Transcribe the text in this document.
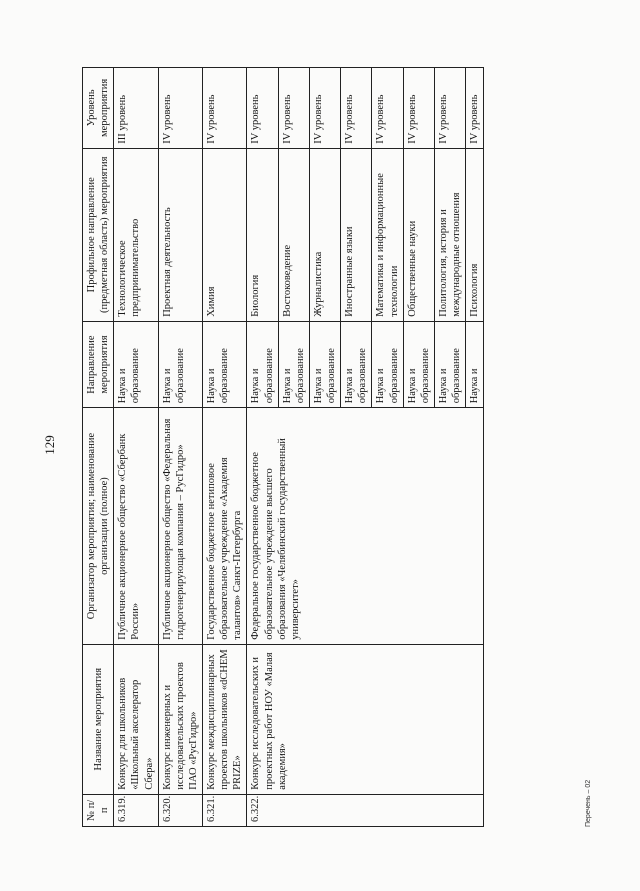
129
№ п/п	Название мероприятия	Организатор мероприятия; наименование организации (полное)	Направление мероприятия	Профильное направление (предметная область) мероприятия	Уровень мероприятия
6.319.	Конкурс для школьников «Школьный акселератор Сбера»	Публичное акционерное общество «Сбербанк России»	Наука и образование	Технологическое предпринимательство	III уровень
6.320.	Конкурс инженерных и исследовательских проектов ПАО «РусГидро»	Публичное акционерное общество «Федеральная гидрогенерирующая компания – РусГидро»	Наука и образование	Проектная деятельность	IV уровень
6.321.	Конкурс междисциплинарных проектов школьников «dCHEM PRIZE»	Государственное бюджетное нетиповое образовательное учреждение «Академия талантов» Санкт-Петербурга	Наука и образование	Химия	IV уровень
6.322.	Конкурс исследовательских и проектных работ НОУ «Малая академия»	Федеральное государственное бюджетное образовательное учреждение высшего образования «Челябинский государственный университет»	Наука и образование	Биология	IV уровень
			Наука и образование	Востоковедение	IV уровень
			Наука и образование	Журналистика	IV уровень
			Наука и образование	Иностранные языки	IV уровень
			Наука и образование	Математика и информационные технологии	IV уровень
			Наука и образование	Общественные науки	IV уровень
			Наука и образование	Политология, история и международные отношения	IV уровень
			Наука и	Психология	IV уровень
Перечень – 02
